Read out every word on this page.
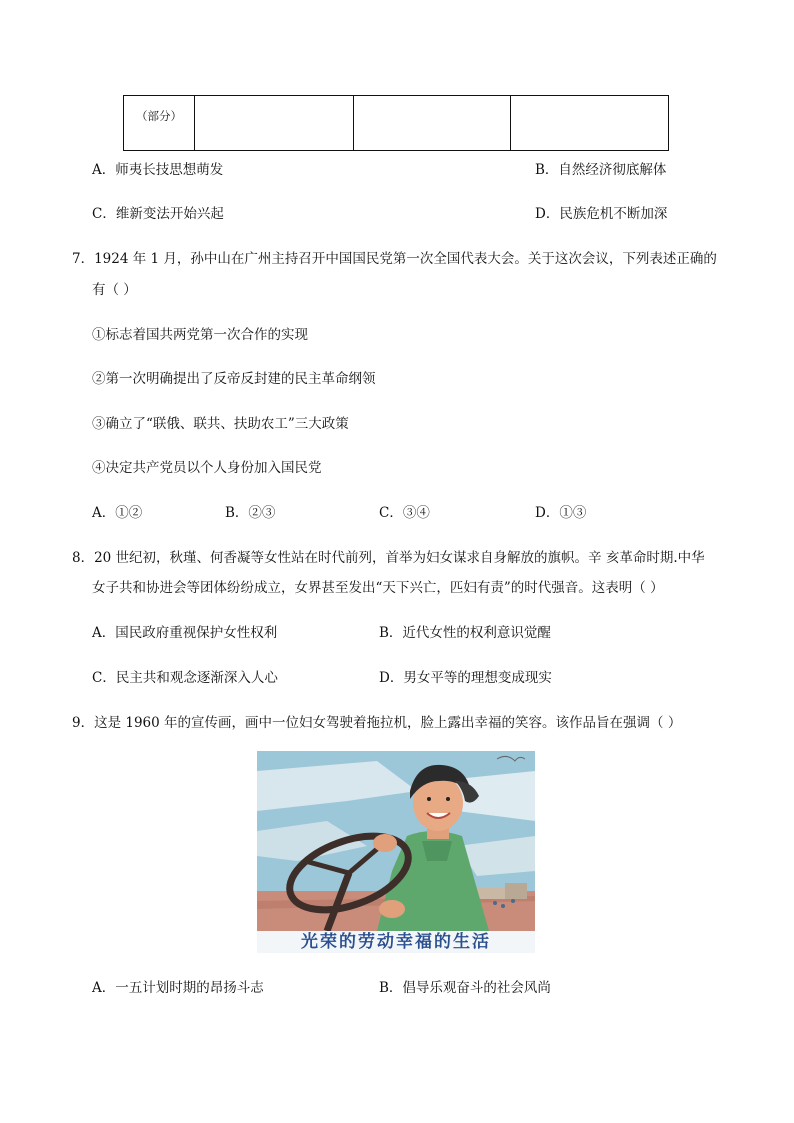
（部分）

A．师夷长技思想萌发	B．自然经济彻底解体
C．维新变法开始兴起	D．民族危机不断加深
7．1924 年 1 月，孙中山在广州主持召开中国国民党第一次全国代表大会。关于这次会议，下列表述正确的
有（ ）
①标志着国共两党第一次合作的实现
②第一次明确提出了反帝反封建的民主革命纲领
③确立了“联俄、联共、扶助农工”三大政策
④决定共产党员以个人身份加入国民党
A．①②	B．②③	C．③④	D．①③
8．20 世纪初，秋瑾、何香凝等女性站在时代前列，首举为妇女谋求自身解放的旗帜。辛 亥革命时期.中华
女子共和协进会等团体纷纷成立，女界甚至发出“天下兴亡，匹妇有责”的时代强音。这表明（ ）
A．国民政府重视保护女性权利	B．近代女性的权利意识觉醒
C．民主共和观念逐渐深入人心	D．男女平等的理想变成现实
9．这是 1960 年的宣传画，画中一位妇女驾驶着拖拉机，脸上露出幸福的笑容。该作品旨在强调（ ）
光荣的劳动幸福的生活
A．一五计划时期的昂扬斗志	B．倡导乐观奋斗的社会风尚
